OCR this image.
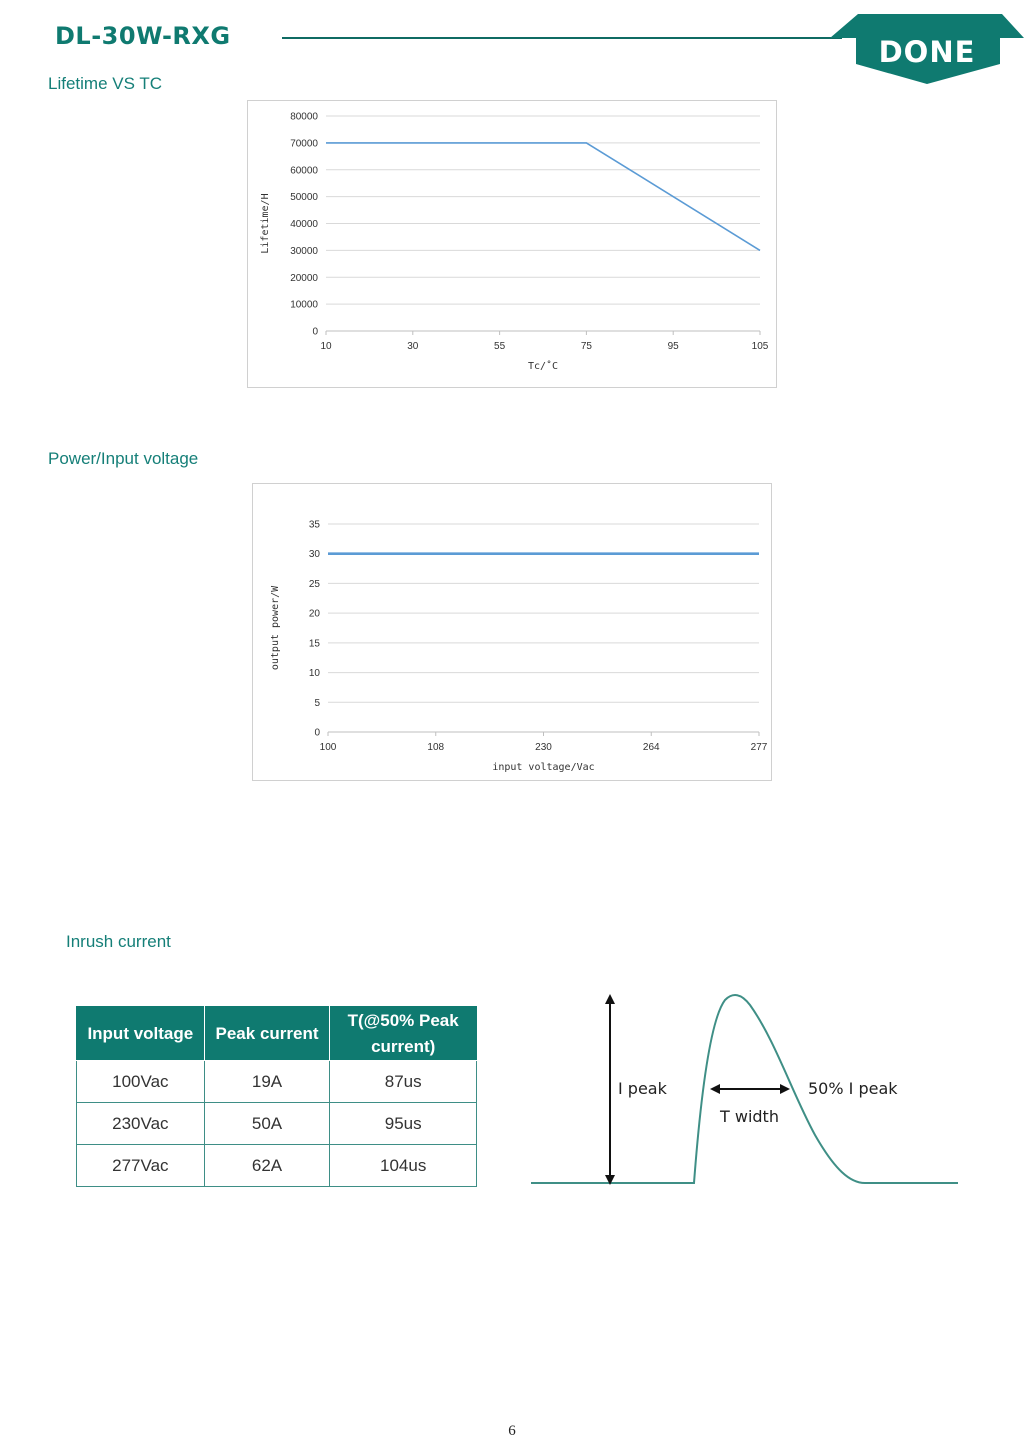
DL-30W-RXG	DONE
Lifetime VS TC
0
10000
20000
30000
40000
50000
60000
70000
80000
10	30	55	75	95	105
Tc/˚C
Lifetime/H
Power/Input voltage
0
5
10
15
20
25
30
35
100	108	230	264	277
input voltage/Vac
output power/W
Inrush current
Input voltage	Peak current	T(@50% Peak current)
100Vac	19A	87us
230Vac	50A	95us
277Vac	62A	104us
I peak	50% I peak
T width
6
